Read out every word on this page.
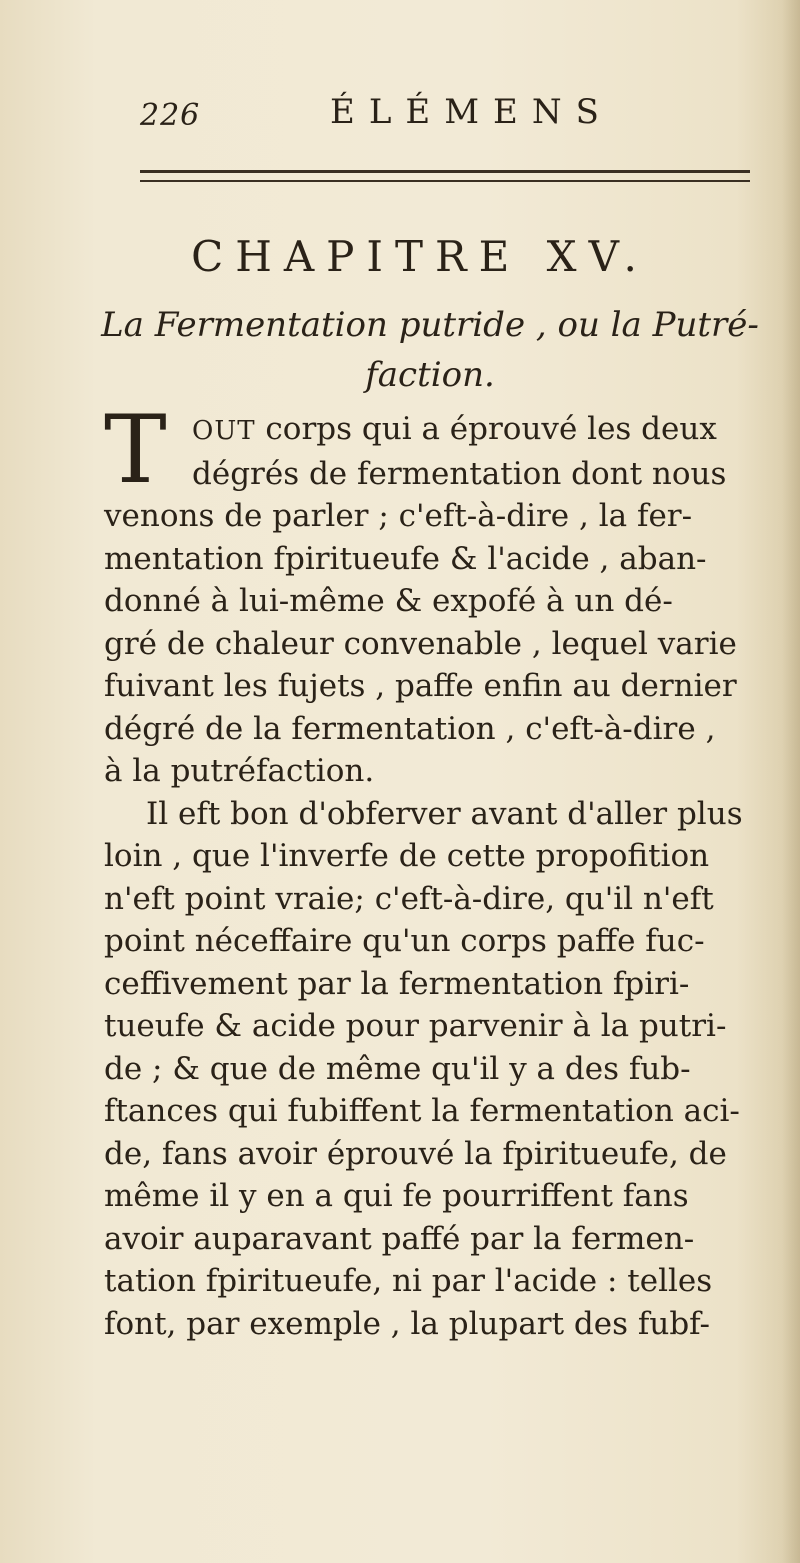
226	ÉLÉMENS
CHAPITRE XV.
La Fermentation putride , ou la Putré-
faction.
T OUT corps qui a éprouvé les deux
dégrés de fermentation dont nous
venons de parler ; c'eft-à-dire , la fer-
mentation fpiritueufe & l'acide , aban-
donné à lui-même & expofé à un dé-
gré de chaleur convenable , lequel varie
fuivant les fujets , paffe enfin au dernier
dégré de la fermentation , c'eft-à-dire ,
à la putréfaction.
Il eft bon d'obferver avant d'aller plus
loin , que l'inverfe de cette propofition
n'eft point vraie; c'eft-à-dire, qu'il n'eft
point néceffaire qu'un corps paffe fuc-
ceffivement par la fermentation fpiri-
tueufe & acide pour parvenir à la putri-
de ; & que de même qu'il y a des fub-
ftances qui fubiffent la fermentation aci-
de, fans avoir éprouvé la fpiritueufe, de
même il y en a qui fe pourriffent fans
avoir auparavant paffé par la fermen-
tation fpiritueufe, ni par l'acide : telles
font, par exemple , la plupart des fubf-
